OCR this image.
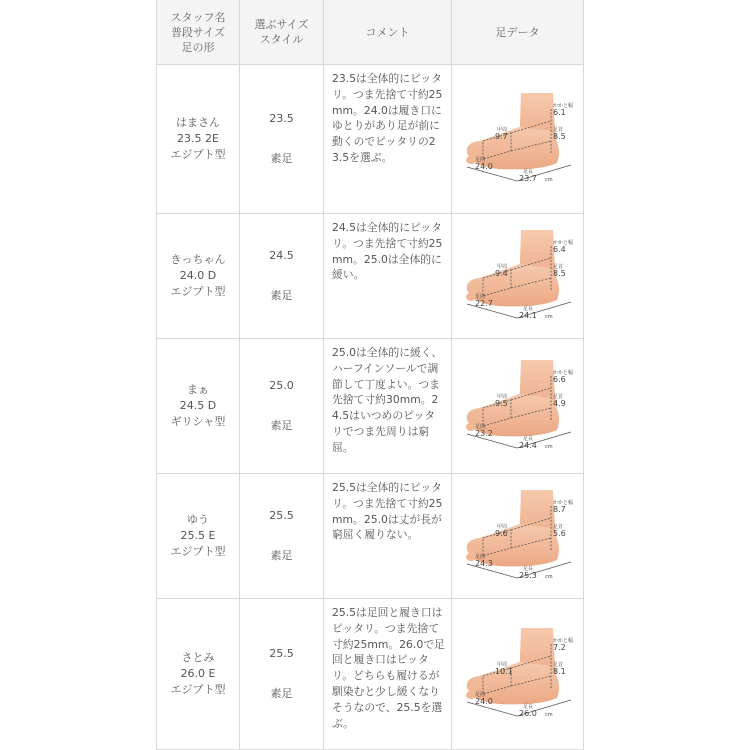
スタッフ名
普段サイズ
足の形
選ぶサイズ
スタイル
コメント	足データ
はまさん
23.5 2E
エジプト型
23.5
素足
23.5は全体的にピッタリ。つま先捨て寸約25mm。24.0は履き口にゆとりがあり足が前に動くのでピッタリの23.5を選ぶ。
甲周
9.7
足囲
24.0
足長
23.7
かかと幅
6.1
足首
8.5
cm
きっちゃん
24.0 D
エジプト型
24.5
素足
24.5は全体的にピッタリ。つま先捨て寸約25mm。25.0は全体的に緩い。
甲周
9.4
足囲
22.7
足長
24.1
かかと幅
6.4
足首
8.5
cm
まぁ
24.5 D
ギリシャ型
25.0
素足
25.0は全体的に緩く、ハーフインソールで調節して丁度よい。つま先捨て寸約30mm。24.5はいつめのピッタリでつま先周りは窮屈。
甲周
9.5
足囲
23.2
足長
24.4
かかと幅
6.6
足首
4.9
cm
ゆう
25.5 E
エジプト型
25.5
素足
25.5は全体的にピッタリ。つま先捨て寸約25mm。25.0は丈が長が窮屈く履りない。
甲周
9.6
足囲
24.3
足長
25.3
かかと幅
8.7
足首
5.6
cm
さとみ
26.0 E
エジプト型
25.5
素足
25.5は足回と履き口はピッタリ。つま先捨て寸約25mm。26.0で足回と履き口はピッタリ。どちらも履けるが馴染むと少し緩くなりそうなので、25.5を選ぶ。
甲周
10.1
足囲
24.0
足長
26.0
かかと幅
7.2
足首
8.1
cm
